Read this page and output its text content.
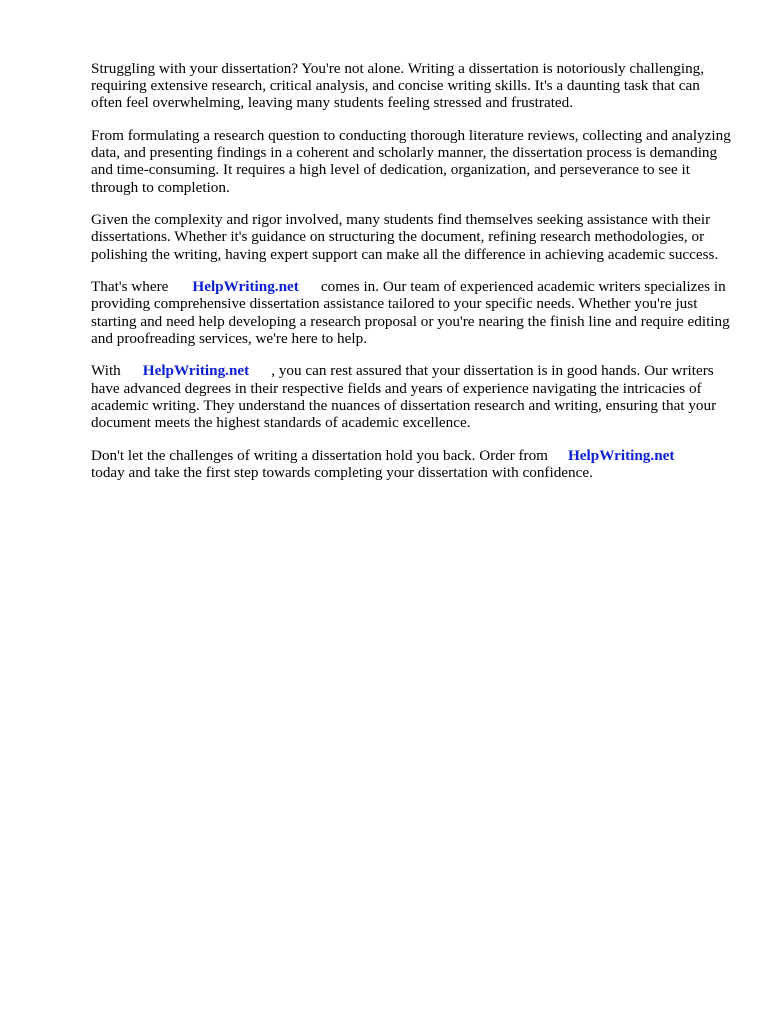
Struggling with your dissertation? You're not alone. Writing a dissertation is notoriously challenging, requiring extensive research, critical analysis, and concise writing skills. It's a daunting task that can often feel overwhelming, leaving many students feeling stressed and frustrated.

From formulating a research question to conducting thorough literature reviews, collecting and analyzing data, and presenting findings in a coherent and scholarly manner, the dissertation process is demanding and time-consuming. It requires a high level of dedication, organization, and perseverance to see it through to completion.

Given the complexity and rigor involved, many students find themselves seeking assistance with their dissertations. Whether it's guidance on structuring the document, refining research methodologies, or polishing the writing, having expert support can make all the difference in achieving academic success.

That's where HelpWriting.net comes in. Our team of experienced academic writers specializes in providing comprehensive dissertation assistance tailored to your specific needs. Whether you're just starting and need help developing a research proposal or you're nearing the finish line and require editing and proofreading services, we're here to help.

With HelpWriting.net , you can rest assured that your dissertation is in good hands. Our writers have advanced degrees in their respective fields and years of experience navigating the intricacies of academic writing. They understand the nuances of dissertation research and writing, ensuring that your document meets the highest standards of academic excellence.

Don't let the challenges of writing a dissertation hold you back. Order from HelpWriting.net
today and take the first step towards completing your dissertation with confidence.
